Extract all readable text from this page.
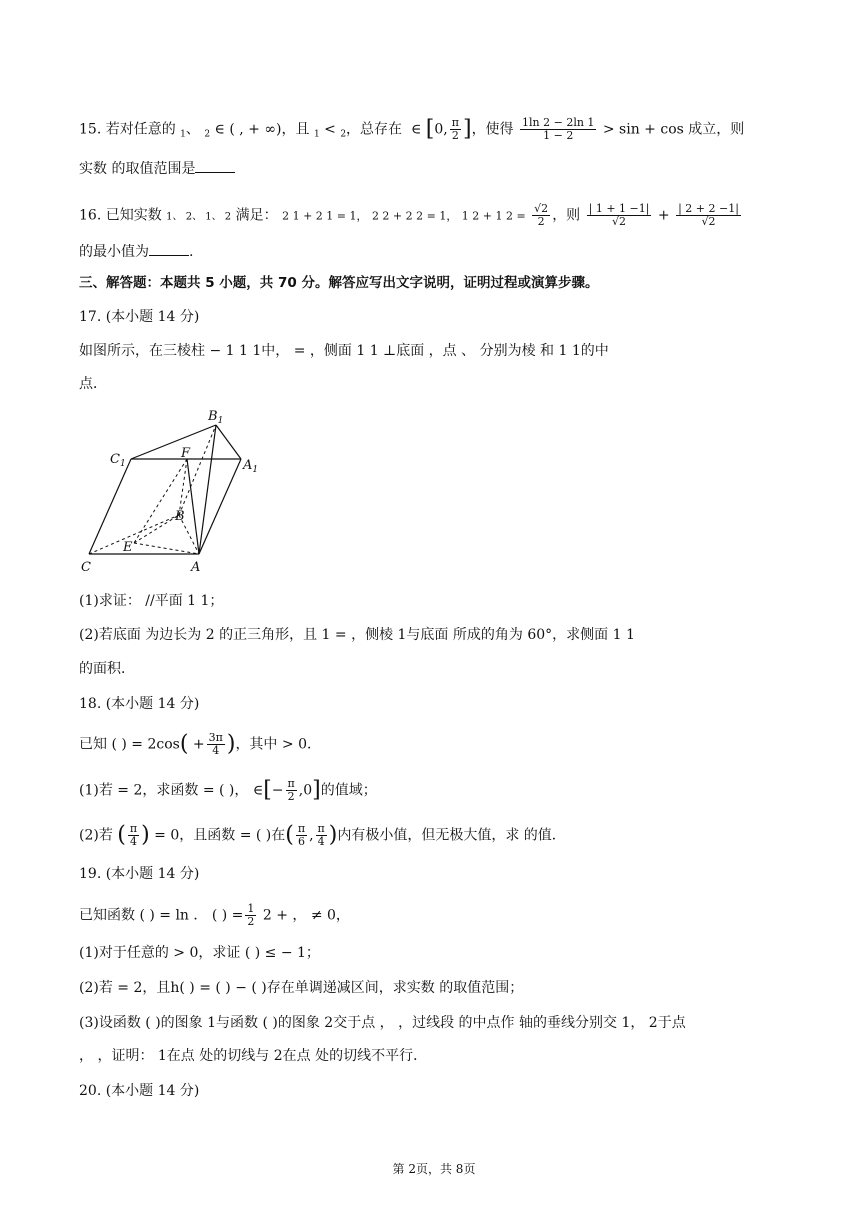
15. 若对任意的 $_1$、 $_2$ ∈ ( , + ∞)，且 $_1$ < $_2$，总存在 ∈ [0, $\frac{\pi}{2}$ ]，使得 $\frac{1\ln 2 - 2\ln 1}{1 - 2} > \sin + \cos$ 成立，则
实数 的取值范围是
16. 已知实数 1、 2、 1、 2 满足： 2 1 + 2 1 = 1， 2 2 + 2 2 = 1， 1 2 + 1 $2 = \frac{√2}{2}$ ，则 $\frac{| 1 + 1 -1|}{√2} + \frac{| 2 + 2 -1|}{√2}$
的最小值为	.
三、解答题：本题共 5 小题，共 70 分。解答应写出文字说明，证明过程或演算步骤。
17. (本小题 14 分)
如图所示，在三棱柱 − 1 1 1中， = ，侧面 1 1 ⊥底面 ，点 、 分别为棱 和 1 1的中
点．
$B_1$
$C_1$	$A_1$
F
B
E
C	A
(1)求证： //平面 1 1；
(2)若底面 为边长为 2 的正三角形，且 1 = ，侧棱 1与底面 所成的角为 60°，求侧面 1 1
的面积．
18. (本小题 14 分)
已知 ( ) = $2\cos( + \frac{3\pi}{4}$ )，其中 > 0．
(1)若 = 2，求函数 = ( )， ∈[− $\frac{\pi}{2} ,0$]的值域；
(2)若 ( $\frac{\pi}{4}$ ) = 0，且函数 = ( )在( $\frac{\pi}{6}$ , $\frac{\pi}{4}$ )内有极小值，但无极大值，求 的值．
19. (本小题 14 分)
已知函数 ( ) = ln ． ( ) = $\frac{1}{2} 2$ + ， ≠ 0，
(1)对于任意的 > 0，求证 ( ) ≤ − 1；
(2)若 = 2，且h( ) = ( ) − ( )存在单调递减区间，求实数 的取值范围；
(3)设函数 ( )的图象 1与函数 ( )的图象 2交于点 ， ，过线段 的中点作 轴的垂线分别交 1， 2于点
， ，证明： 1在点 处的切线与 2在点 处的切线不平行．
20. (本小题 14 分)
第 2页，共 8页
